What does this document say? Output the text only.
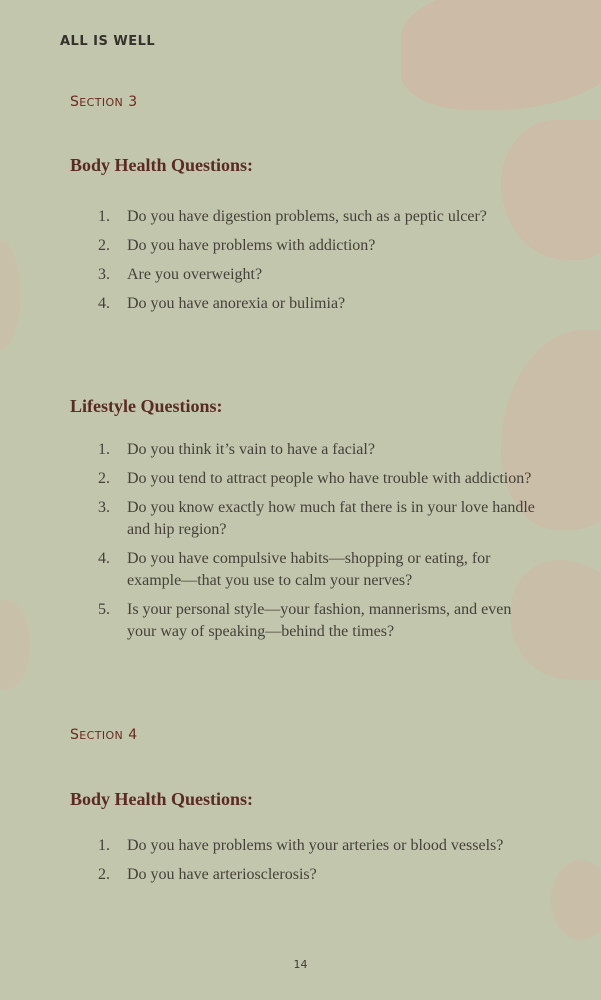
ALL IS WELL
SECTION 3
Body Health Questions:
1. Do you have digestion problems, such as a peptic ulcer?
2. Do you have problems with addiction?
3. Are you overweight?
4. Do you have anorexia or bulimia?
Lifestyle Questions:
1. Do you think it’s vain to have a facial?
2. Do you tend to attract people who have trouble with addiction?
3. Do you know exactly how much fat there is in your love handle and hip region?
4. Do you have compulsive habits—shopping or eating, for example—that you use to calm your nerves?
5. Is your personal style—your fashion, mannerisms, and even your way of speaking—behind the times?
SECTION 4
Body Health Questions:
1. Do you have problems with your arteries or blood vessels?
2. Do you have arteriosclerosis?
14
